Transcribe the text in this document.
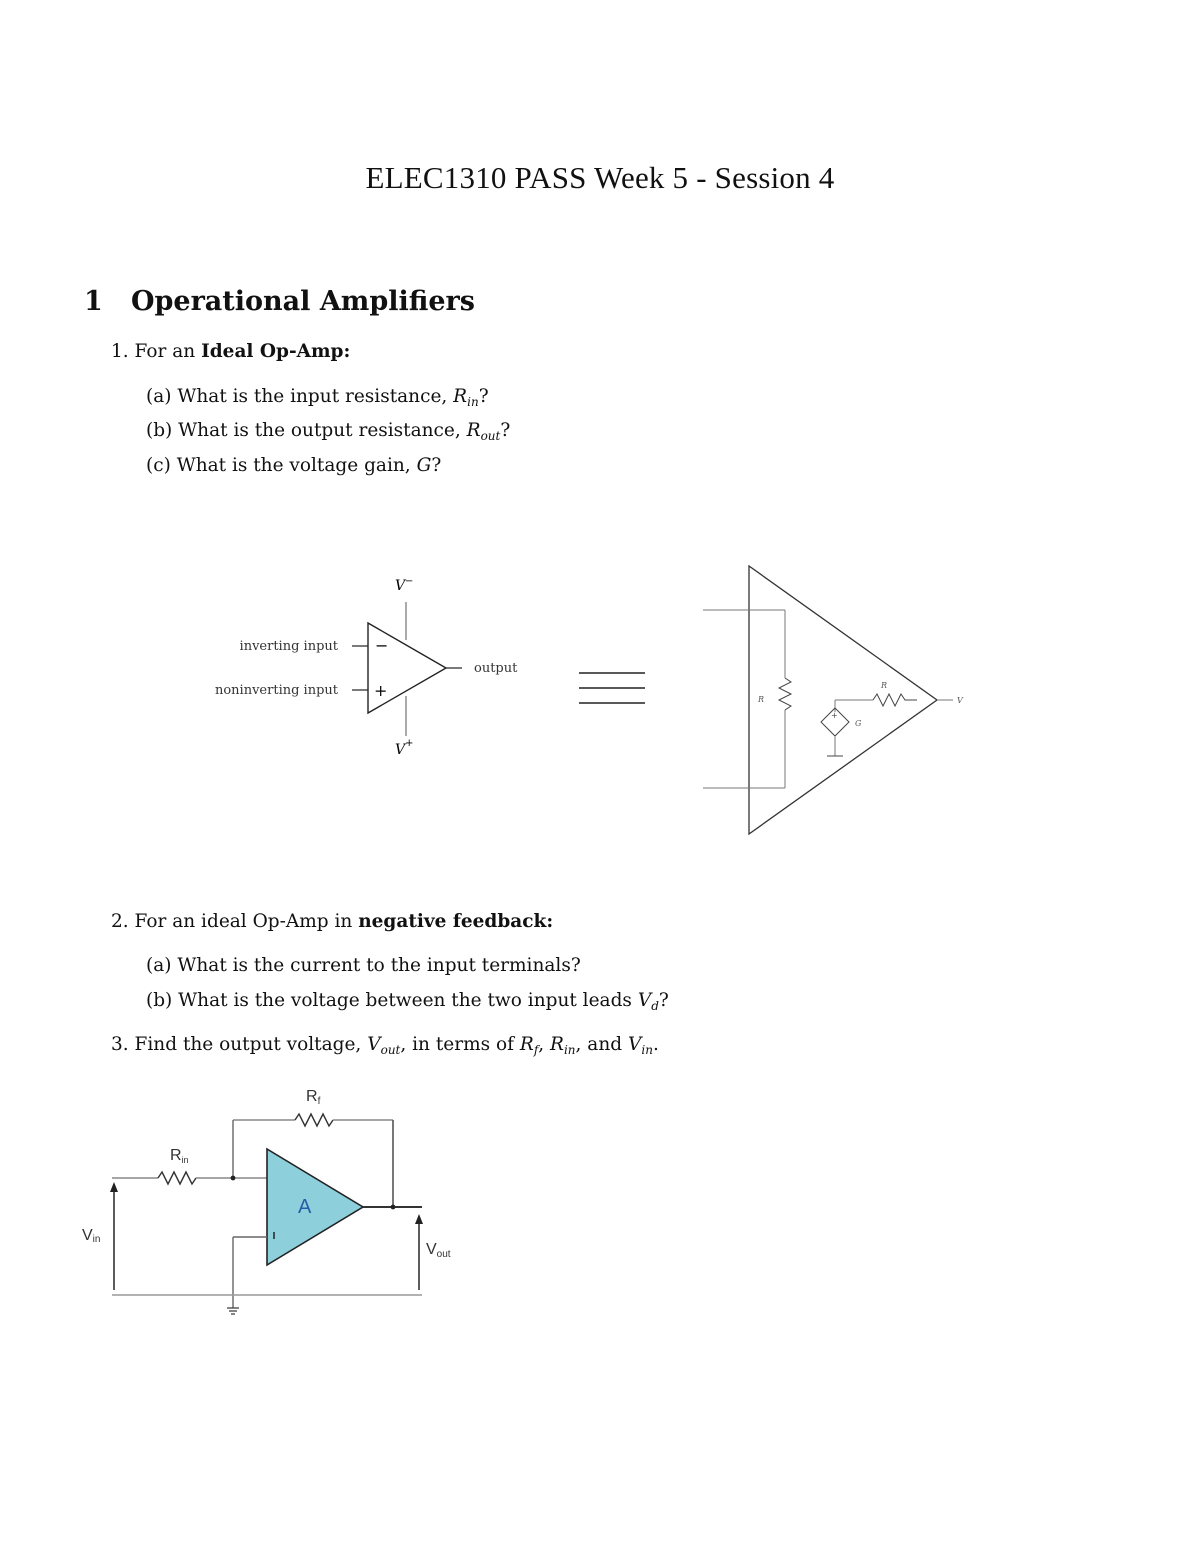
ELEC1310 PASS Week 5 - Session 4
1 Operational Amplifiers
1. For an Ideal Op-Amp:
(a) What is the input resistance, $R_{in}$?
(b) What is the output resistance, $R_{out}$?
(c) What is the voltage gain, G?
V −
−
+
inverting input
noninverting input
output
V +
R
R
+
G
V
2. For an ideal Op-Amp in negative feedback:
(a) What is the current to the input terminals?
(b) What is the voltage between the two input leads $V_d$?
3. Find the output voltage, $V_{out}$, in terms of $R_f$, $R_{in}$, and $V_{in}$.
Rf
Rin
A
Vin
Vout
